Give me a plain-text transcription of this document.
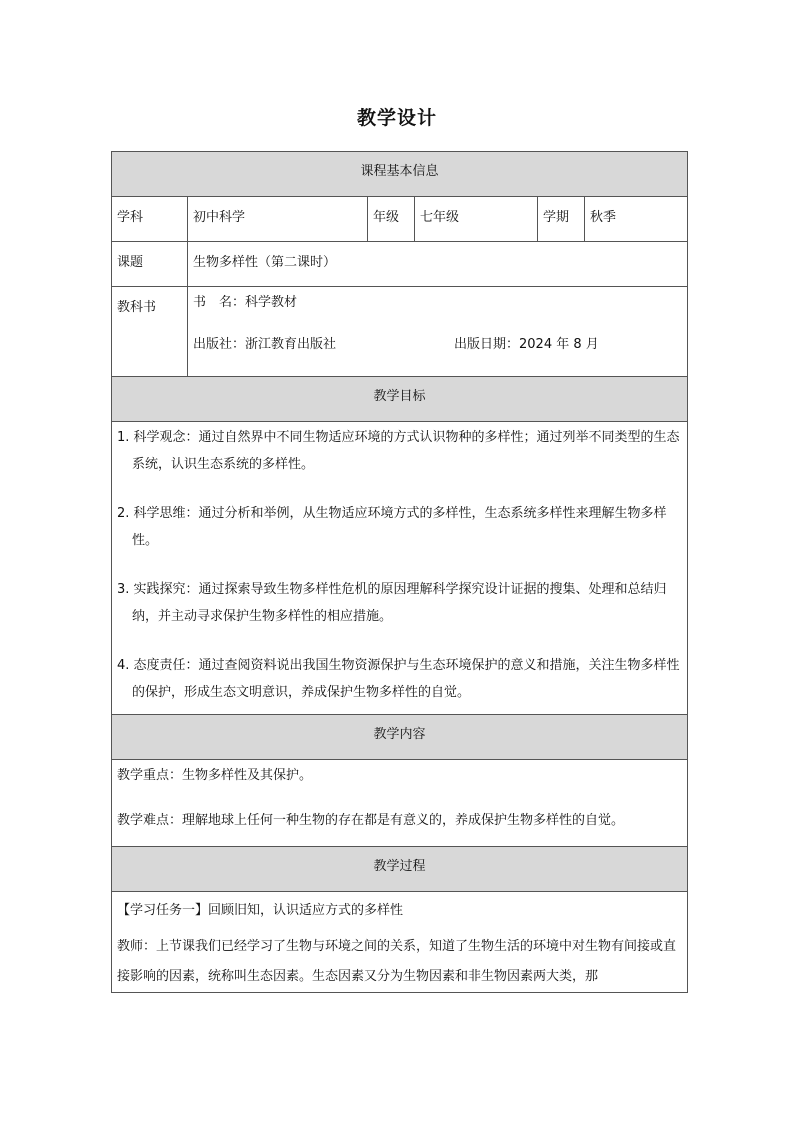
教学设计
课程基本信息					
学科	初中科学	年级	七年级	学期	秋季
课题	生物多样性（第二课时）				
教科书	书　名：科学教材

出版社：浙江教育出版社 出版日期：2024 年 8 月				

教学目标					

1. 科学观念：通过自然界中不同生物适应环境的方式认识物种的多样性；通过列举不同类型的生态系统，认识生态系统的多样性。

2. 科学思维：通过分析和举例，从生物适应环境方式的多样性，生态系统多样性来理解生物多样性。

3. 实践探究：通过探索导致生物多样性危机的原因理解科学探究设计证据的搜集、处理和总结归纳，并主动寻求保护生物多样性的相应措施。

4. 态度责任：通过查阅资料说出我国生物资源保护与生态环境保护的意义和措施，关注生物多样性的保护，形成生态文明意识，养成保护生物多样性的自觉。					

教学内容					

教学重点：生物多样性及其保护。

教学难点：理解地球上任何一种生物的存在都是有意义的，养成保护生物多样性的自觉。					

教学过程					

【学习任务一】回顾旧知，认识适应方式的多样性

教师：上节课我们已经学习了生物与环境之间的关系，知道了生物生活的环境中对生物有间接或直接影响的因素，统称叫生态因素。生态因素又分为生物因素和非生物因素两大类，那					
